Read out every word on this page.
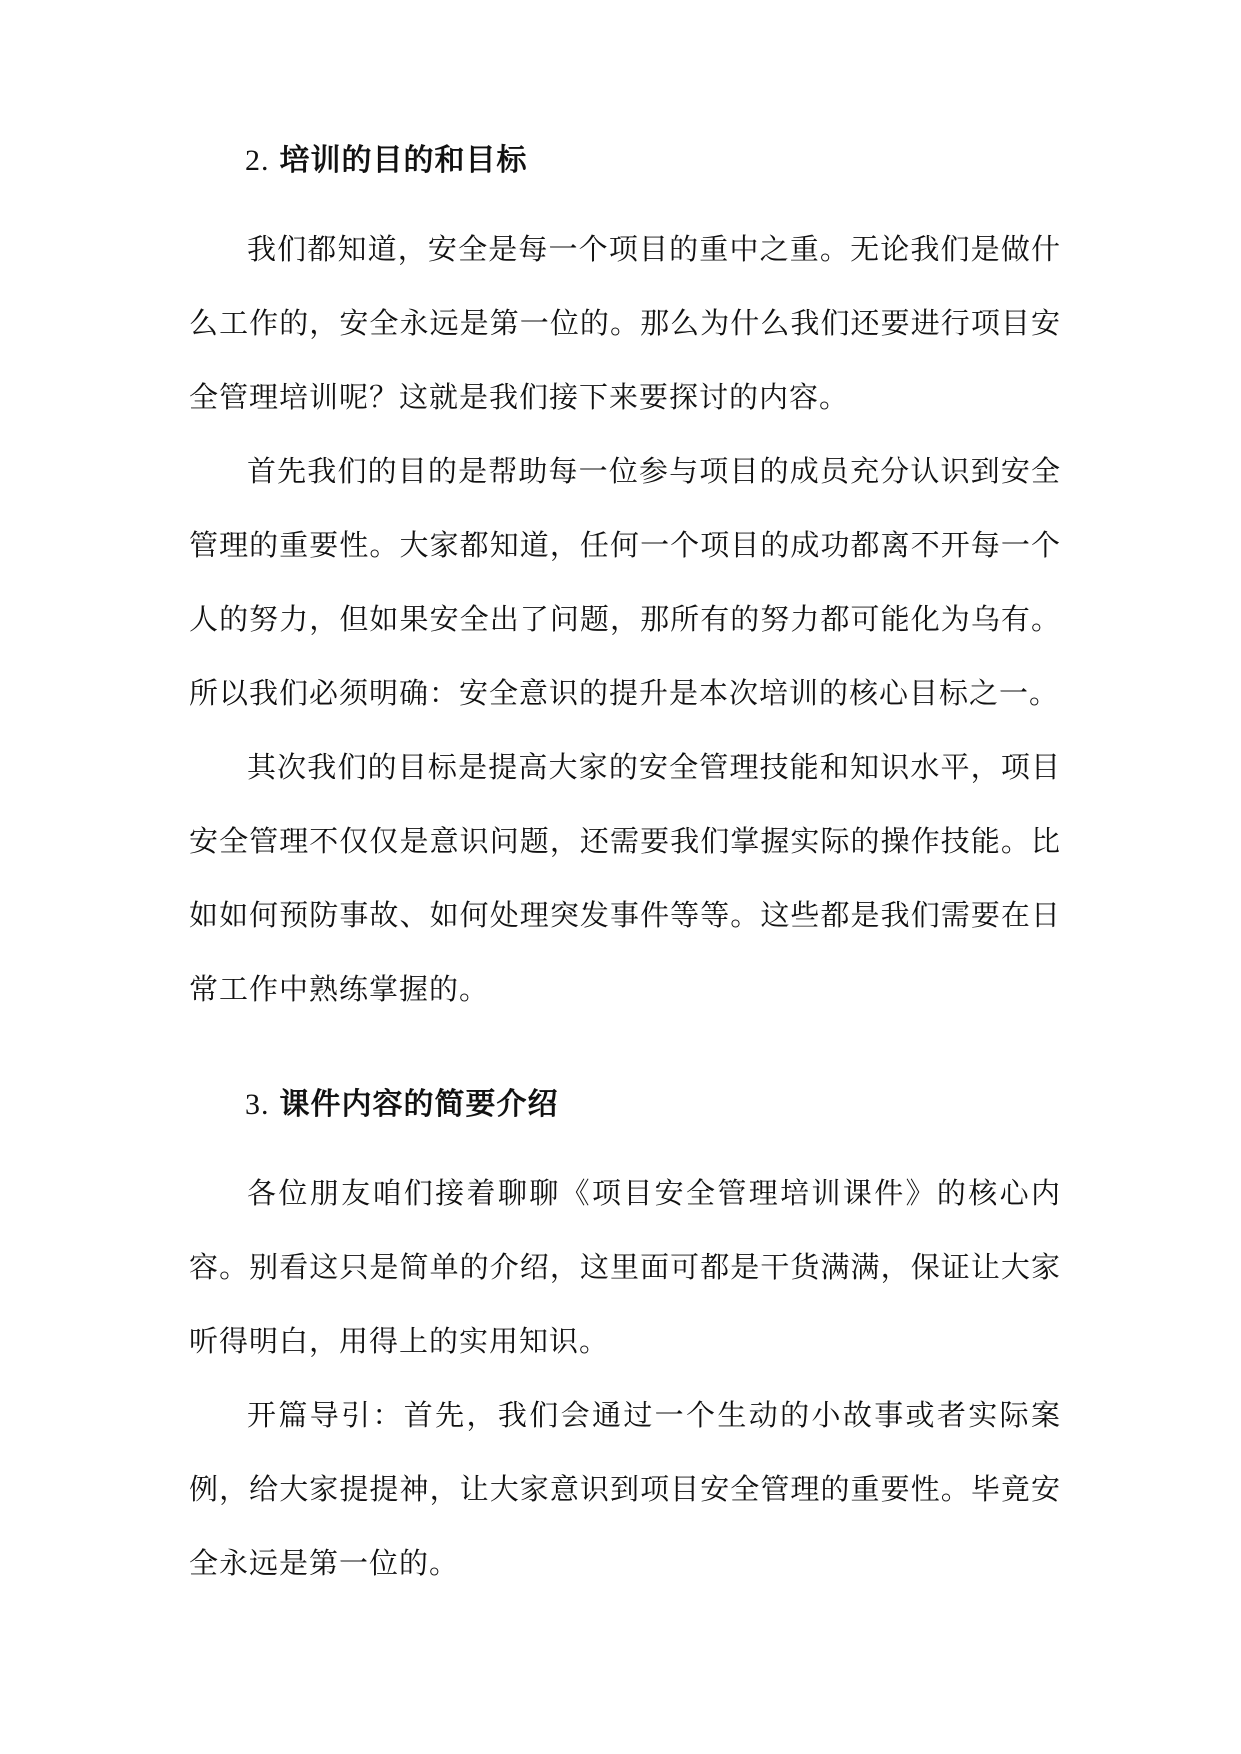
2. 培训的目的和目标

我们都知道，安全是每一个项目的重中之重。无论我们是做什么工作的，安全永远是第一位的。那么为什么我们还要进行项目安全管理培训呢？这就是我们接下来要探讨的内容。

首先我们的目的是帮助每一位参与项目的成员充分认识到安全管理的重要性。大家都知道，任何一个项目的成功都离不开每一个人的努力，但如果安全出了问题，那所有的努力都可能化为乌有。所以我们必须明确：安全意识的提升是本次培训的核心目标之一。

其次我们的目标是提高大家的安全管理技能和知识水平，项目安全管理不仅仅是意识问题，还需要我们掌握实际的操作技能。比如如何预防事故、如何处理突发事件等等。这些都是我们需要在日常工作中熟练掌握的。

3. 课件内容的简要介绍

各位朋友咱们接着聊聊《项目安全管理培训课件》的核心内容。别看这只是简单的介绍，这里面可都是干货满满，保证让大家听得明白，用得上的实用知识。

开篇导引：首先，我们会通过一个生动的小故事或者实际案例，给大家提提神，让大家意识到项目安全管理的重要性。毕竟安全永远是第一位的。
